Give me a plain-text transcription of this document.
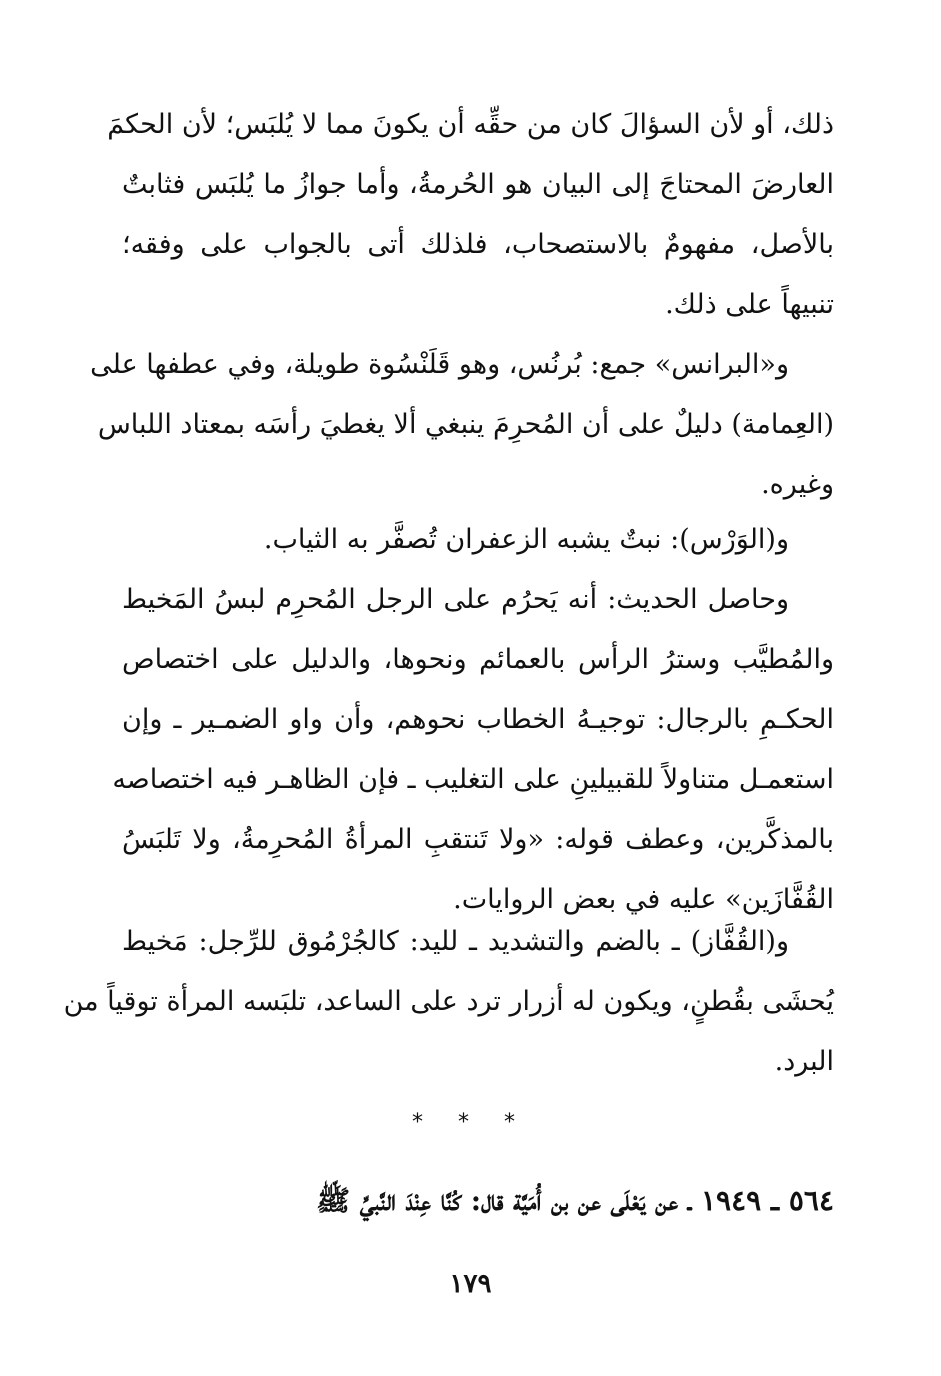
ذلك، أو لأن السؤالَ كان من حقِّه أن يكونَ مما لا يُلبَس؛ لأن الحكمَ
العارضَ المحتاجَ إلى البيان هو الحُرمةُ، وأما جوازُ ما يُلبَس فثابتٌ
بالأصل، مفهومٌ بالاستصحاب، فلذلك أتى بالجواب على وفقه؛
تنبيهاً على ذلك.
و«البرانس» جمع: بُرنُس، وهو قَلَنْسُوة طويلة، وفي عطفها على
(العِمامة) دليلٌ على أن المُحرِمَ ينبغي ألا يغطيَ رأسَه بمعتاد اللباس
وغيره.
و(الوَرْس): نبتٌ يشبه الزعفران تُصفَّر به الثياب.
وحاصل الحديث: أنه يَحرُم على الرجل المُحرِم لبسُ المَخيط
والمُطيَّب وسترُ الرأس بالعمائم ونحوها، والدليل على اختصاص
الحكـمِ بالرجال: توجيـهُ الخطاب نحوهم، وأن واو الضمـير ـ وإن
استعمـل متناولاً للقبيلينِ على التغليب ـ فإن الظاهـر فيه اختصاصه
بالمذكَّرين، وعطف قوله: «ولا تَنتقبِ المرأةُ المُحرِمةُ، ولا تَلبَسُ
القُفَّازَين» عليه في بعض الروايات.
و(القُفَّاز) ـ بالضم والتشديد ـ لليد: كالجُرْمُوق للرِّجل: مَخيط
يُحشَى بقُطنٍ، ويكون له أزرار ترد على الساعد، تلبَسه المرأة توقياً من
البرد.
* * *
٥٦٤ ـ ١٩٤٩ ـ عن يَعْلَى عن بن أُمَيَّة قال: كُنَّا عِنْدَ النَّبيِّ ﷺ
١٧٩
